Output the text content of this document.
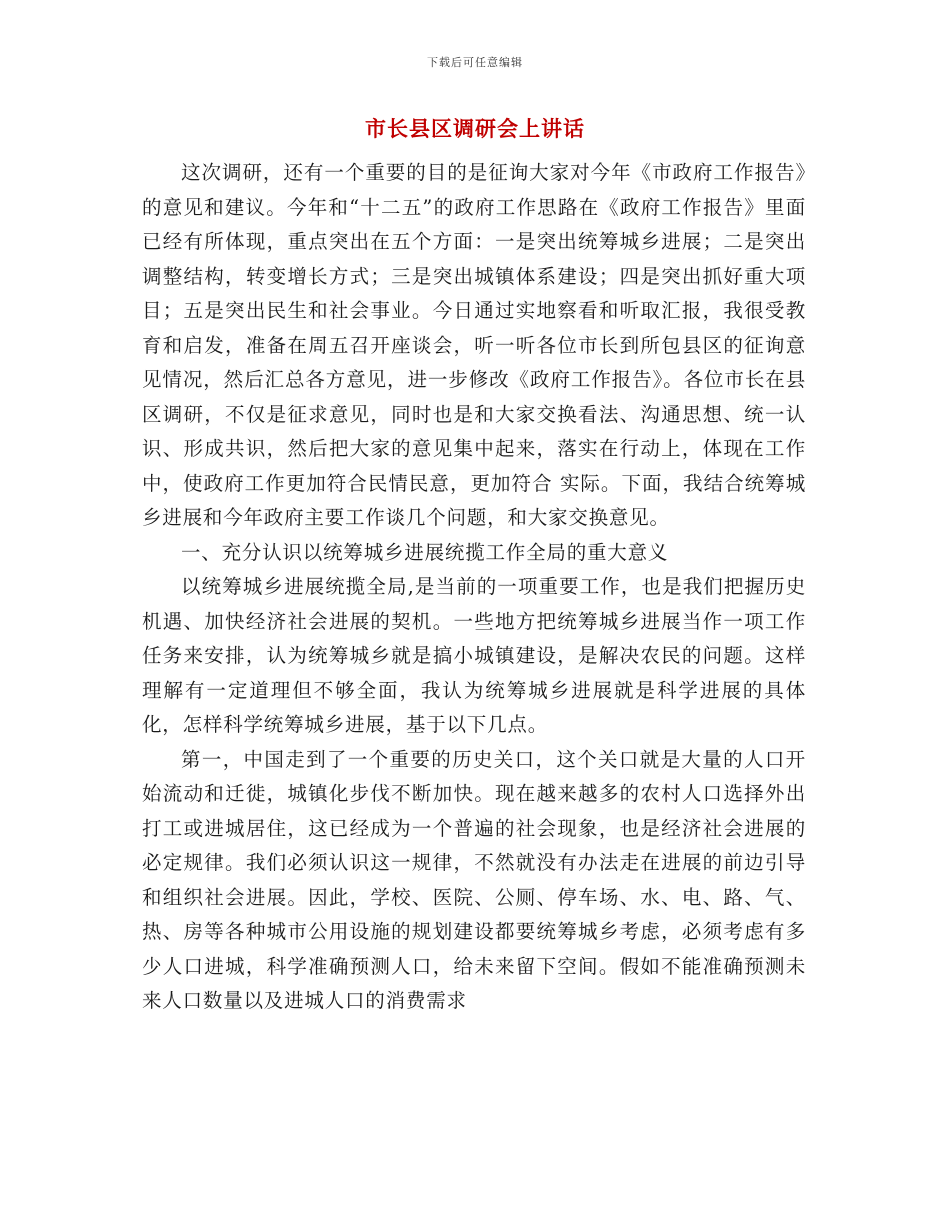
下载后可任意编辑
市长县区调研会上讲话

这次调研，还有一个重要的目的是征询大家对今年《市政府工作报告》的意见和建议。今年和“十二五”的政府工作思路在《政府工作报告》里面已经有所体现，重点突出在五个方面：一是突出统筹城乡进展；二是突出调整结构，转变增长方式；三是突出城镇体系建设；四是突出抓好重大项目；五是突出民生和社会事业。今日通过实地察看和听取汇报，我很受教育和启发，准备在周五召开座谈会，听一听各位市长到所包县区的征询意见情况，然后汇总各方意见，进一步修改《政府工作报告》。各位市长在县区调研，不仅是征求意见，同时也是和大家交换看法、沟通思想、统一认识、形成共识，然后把大家的意见集中起来，落实在行动上，体现在工作中，使政府工作更加符合民情民意，更加符合 实际。下面，我结合统筹城乡进展和今年政府主要工作谈几个问题，和大家交换意见。

一、充分认识以统筹城乡进展统揽工作全局的重大意义

以统筹城乡进展统揽全局,是当前的一项重要工作，也是我们把握历史机遇、加快经济社会进展的契机。一些地方把统筹城乡进展当作一项工作任务来安排，认为统筹城乡就是搞小城镇建设，是解决农民的问题。这样理解有一定道理但不够全面，我认为统筹城乡进展就是科学进展的具体化，怎样科学统筹城乡进展，基于以下几点。

第一，中国走到了一个重要的历史关口，这个关口就是大量的人口开始流动和迁徙，城镇化步伐不断加快。现在越来越多的农村人口选择外出打工或进城居住，这已经成为一个普遍的社会现象，也是经济社会进展的必定规律。我们必须认识这一规律，不然就没有办法走在进展的前边引导和组织社会进展。因此，学校、医院、公厕、停车场、水、电、路、气、热、房等各种城市公用设施的规划建设都要统筹城乡考虑，必须考虑有多少人口进城，科学准确预测人口，给未来留下空间。假如不能准确预测未来人口数量以及进城人口的消费需求
